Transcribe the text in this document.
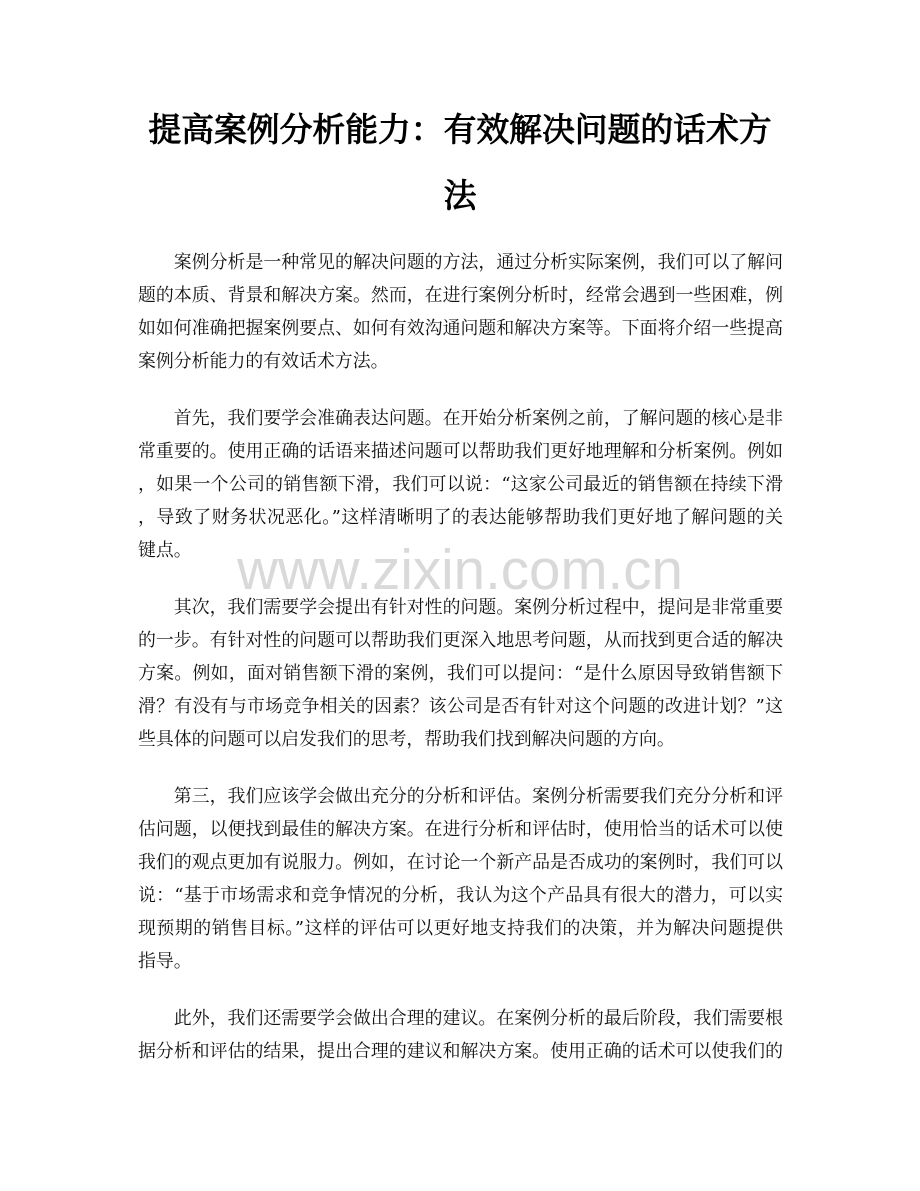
www.zixin.com.cn
提高案例分析能力：有效解决问题的话术方
法
案例分析是一种常见的解决问题的方法，通过分析实际案例，我们可以了解问
题的本质、背景和解决方案。然而，在进行案例分析时，经常会遇到一些困难，例
如如何准确把握案例要点、如何有效沟通问题和解决方案等。下面将介绍一些提高
案例分析能力的有效话术方法。
首先，我们要学会准确表达问题。在开始分析案例之前，了解问题的核心是非
常重要的。使用正确的话语来描述问题可以帮助我们更好地理解和分析案例。例如
，如果一个公司的销售额下滑，我们可以说：“这家公司最近的销售额在持续下滑
，导致了财务状况恶化。”这样清晰明了的表达能够帮助我们更好地了解问题的关
键点。
其次，我们需要学会提出有针对性的问题。案例分析过程中，提问是非常重要
的一步。有针对性的问题可以帮助我们更深入地思考问题，从而找到更合适的解决
方案。例如，面对销售额下滑的案例，我们可以提问：“是什么原因导致销售额下
滑？有没有与市场竞争相关的因素？该公司是否有针对这个问题的改进计划？”这
些具体的问题可以启发我们的思考，帮助我们找到解决问题的方向。
第三，我们应该学会做出充分的分析和评估。案例分析需要我们充分分析和评
估问题，以便找到最佳的解决方案。在进行分析和评估时，使用恰当的话术可以使
我们的观点更加有说服力。例如，在讨论一个新产品是否成功的案例时，我们可以
说：“基于市场需求和竞争情况的分析，我认为这个产品具有很大的潜力，可以实
现预期的销售目标。”这样的评估可以更好地支持我们的决策，并为解决问题提供
指导。
此外，我们还需要学会做出合理的建议。在案例分析的最后阶段，我们需要根
据分析和评估的结果，提出合理的建议和解决方案。使用正确的话术可以使我们的
